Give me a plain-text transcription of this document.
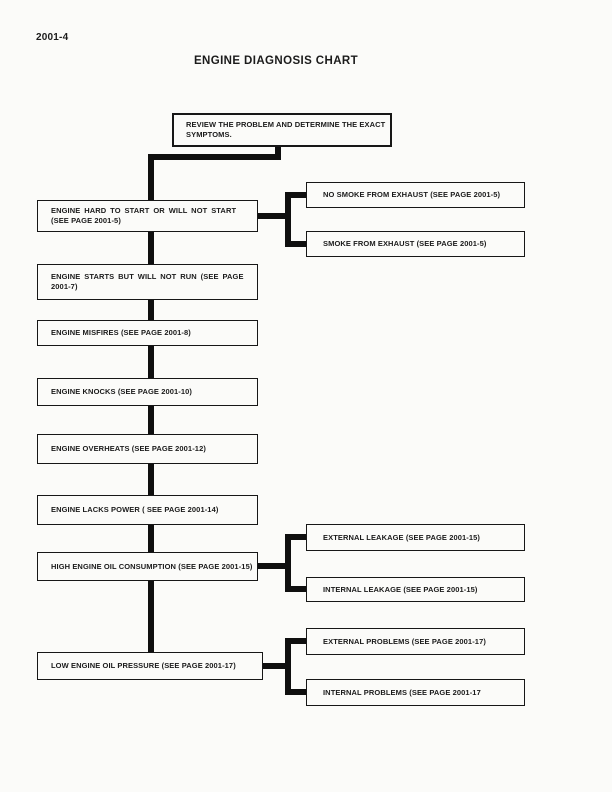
2001-4
ENGINE DIAGNOSIS CHART
REVIEW THE PROBLEM AND DETERMINE THE EXACT
SYMPTOMS.
ENGINE HARD TO START OR WILL NOT START
(SEE PAGE 2001-5)
ENGINE STARTS BUT WILL NOT RUN (SEE PAGE
2001-7)
ENGINE MISFIRES (SEE PAGE 2001-8)
ENGINE KNOCKS (SEE PAGE 2001-10)
ENGINE OVERHEATS (SEE PAGE 2001-12)
ENGINE LACKS POWER ( SEE PAGE 2001-14)
HIGH ENGINE OIL CONSUMPTION (SEE PAGE 2001-15)
LOW ENGINE OIL PRESSURE (SEE PAGE 2001-17)
NO SMOKE FROM EXHAUST (SEE PAGE 2001-5)
SMOKE FROM EXHAUST (SEE PAGE 2001-5)
EXTERNAL LEAKAGE (SEE PAGE 2001-15)
INTERNAL LEAKAGE (SEE PAGE 2001-15)
EXTERNAL PROBLEMS (SEE PAGE 2001-17)
INTERNAL PROBLEMS (SEE PAGE 2001-17
